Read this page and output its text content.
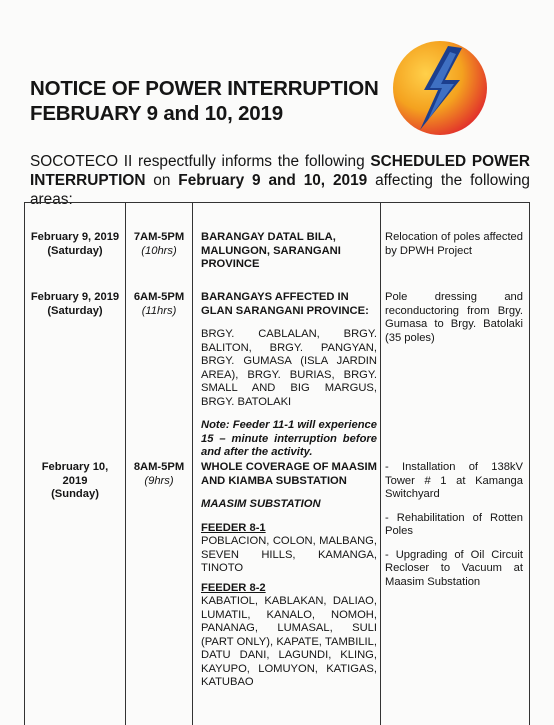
NOTICE OF POWER INTERRUPTION
FEBRUARY 9 and 10, 2019
SOCOTECO II respectfully informs the following SCHEDULED POWER INTERRUPTION on February 9 and 10, 2019 affecting the following areas:
February 9, 2019
(Saturday)
7AM-5PM
(10hrs)

BARANGAY DATAL BILA, MALUNGON, SARANGANI PROVINCE

Relocation of poles affected by DPWH Project

February 9, 2019
(Saturday)
6AM-5PM
(11hrs)

BARANGAYS AFFECTED IN GLAN SARANGANI PROVINCE:

BRGY. CABLALAN, BRGY. BALITON, BRGY. PANGYAN, BRGY. GUMASA (ISLA JARDIN AREA), BRGY. BURIAS, BRGY. SMALL AND BIG MARGUS, BRGY. BATOLAKI

Note: Feeder 11-1 will experience 15 – minute interruption before and after the activity.

Pole dressing and reconductoring from Brgy. Gumasa to Brgy. Batolaki (35 poles)

February 10, 2019
(Sunday)
8AM-5PM
(9hrs)

WHOLE COVERAGE OF MAASIM AND KIAMBA SUBSTATION

MAASIM SUBSTATION

FEEDER 8-1

POBLACION, COLON, MALBANG, SEVEN HILLS, KAMANGA, TINOTO

FEEDER 8-2

KABATIOL, KABLAKAN, DALIAO, LUMATIL, KANALO, NOMOH, PANANAG, LUMASAL, SULI (PART ONLY), KAPATE, TAMBILIL, DATU DANI, LAGUNDI, KLING, KAYUPO, LOMUYON, KATIGAS, KATUBAO

- Installation of 138kV Tower # 1 at Kamanga Switchyard

- Rehabilitation of Rotten Poles

- Upgrading of Oil Circuit Recloser to Vacuum at Maasim Substation
